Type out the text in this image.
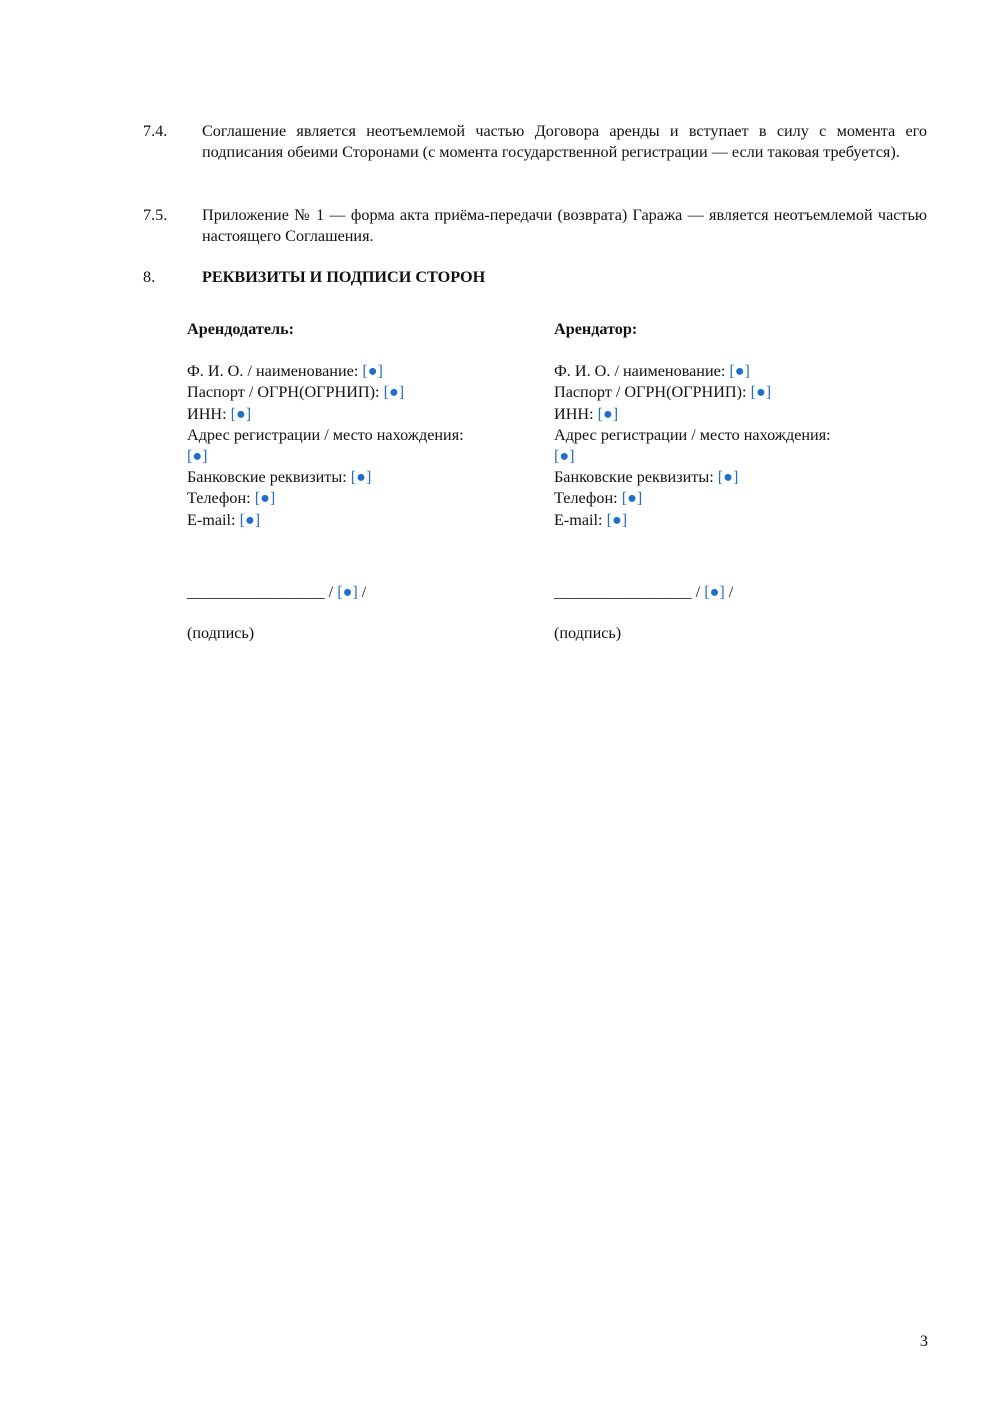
7.4.	Соглашение является неотъемлемой частью Договора аренды и вступает в силу с момента его подписания обеими Сторонами (с момента государственной регистрации — если таковая требуется).
7.5.	Приложение № 1 — форма акта приёма-передачи (возврата) Гаража — является неотъемлемой частью настоящего Соглашения.
8.	РЕКВИЗИТЫ И ПОДПИСИ СТОРОН
Арендодатель:
Ф. И. О. / наименование: [●]
Паспорт / ОГРН(ОГРНИП): [●]
ИНН: [●]
Адрес регистрации / место нахождения:
[●]
Банковские реквизиты: [●]
Телефон: [●]
E-mail: [●]
Арендатор:
Ф. И. О. / наименование: [●]
Паспорт / ОГРН(ОГРНИП): [●]
ИНН: [●]
Адрес регистрации / место нахождения:
[●]
Банковские реквизиты: [●]
Телефон: [●]
E-mail: [●]
_________________ / [●] /
(подпись)
_________________ / [●] /
(подпись)
3
